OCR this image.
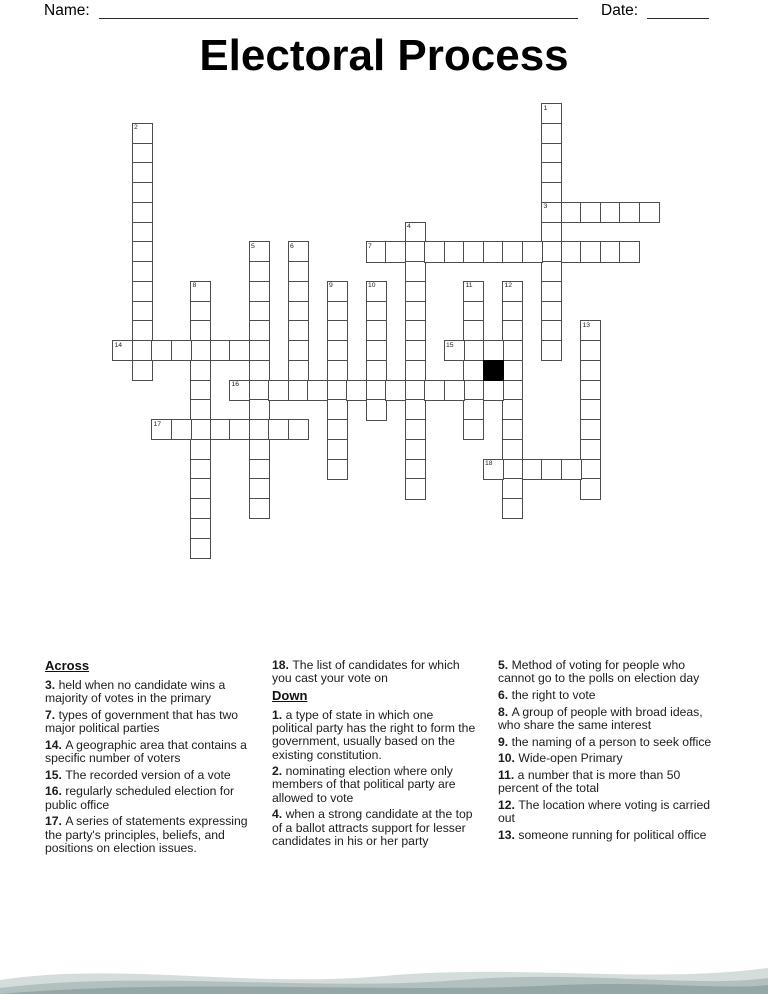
Name:	Date:
Electoral Process
1
3
2
4
5	6	7
8	9	10	11	12
13
14	15
16
17
18
Across
3. held when no candidate wins a majority of votes in the primary
7. types of government that has two major political parties
14. A geographic area that contains a specific number of voters
15. The recorded version of a vote
16. regularly scheduled election for public office
17. A series of statements expressing the party's principles, beliefs, and positions on election issues.
18. The list of candidates for which you cast your vote on
Down
1. a type of state in which one political party has the right to form the government, usually based on the existing constitution.
2. nominating election where only members of that political party are allowed to vote
4. when a strong candidate at the top of a ballot attracts support for lesser candidates in his or her party
5. Method of voting for people who cannot go to the polls on election day
6. the right to vote
8. A group of people with broad ideas, who share the same interest
9. the naming of a person to seek office
10. Wide-open Primary
11. a number that is more than 50 percent of the total
12. The location where voting is carried out
13. someone running for political office
